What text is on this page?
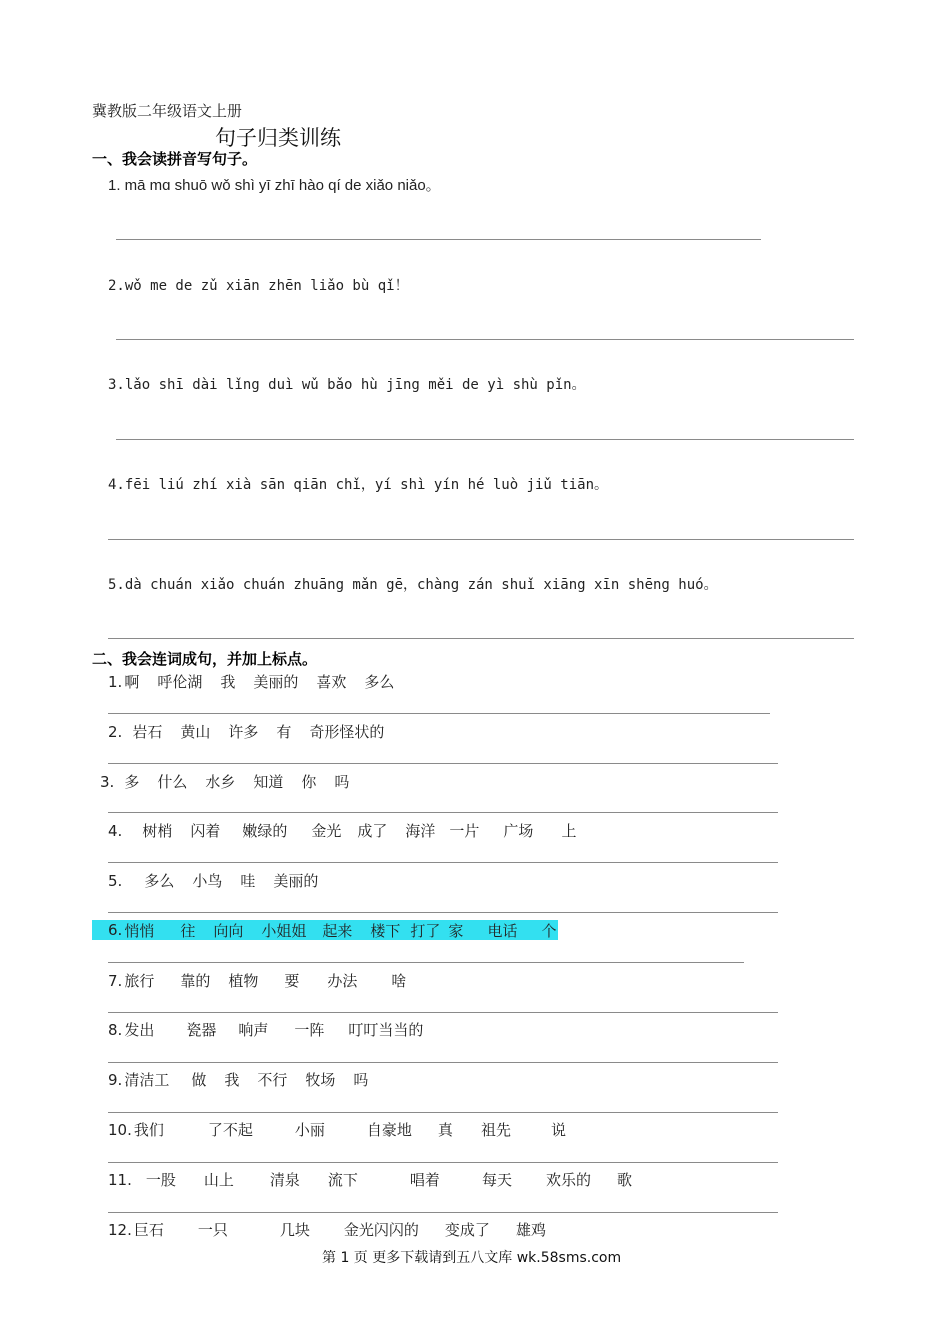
冀教版二年级语文上册
句子归类训练
一、我会读拼音写句子。
1. mā mɑ shuō wǒ shì yī zhī hào qí de xiǎo niǎo。
2.wǒ me de zǔ xiān zhēn liǎo bù qǐ！
3.lǎo shī dài lǐng duì wǔ bǎo hù jīng měi de yì shù pǐn。
4.fēi liú zhí xià sān qiān chǐ，yí shì yín hé luò jiǔ tiān。
5.dà chuán xiǎo chuán zhuāng mǎn gē，chàng zán shuǐ xiāng xīn shēng huó。
二、我会连词成句，并加上标点。
1. 啊 呼伦湖 我 美丽的 喜欢 多么
2. 岩石 黄山 许多 有 奇形怪状的
3. 多 什么 水乡 知道 你 吗
4. 树梢 闪着 嫩绿的 金光 成了 海洋 一片 广场 上
5. 多么 小鸟 哇 美丽的
6. 悄悄 往 向向 小姐姐 起来 楼下 打了 家 电话 个
7. 旅行 靠的 植物 要 办法 啥
8. 发出 瓷器 响声 一阵 叮叮当当的
9. 清洁工 做 我 不行 牧场 吗
10. 我们	了不起	小丽	自豪地 真 祖先	说
11. 一股 山上 清泉 流下	唱着	每天 欢乐的 歌
12. 巨石 一只	几块 金光闪闪的 变成了 雄鸡
第 1 页 更多下载请到五八文库 wk.58sms.com
